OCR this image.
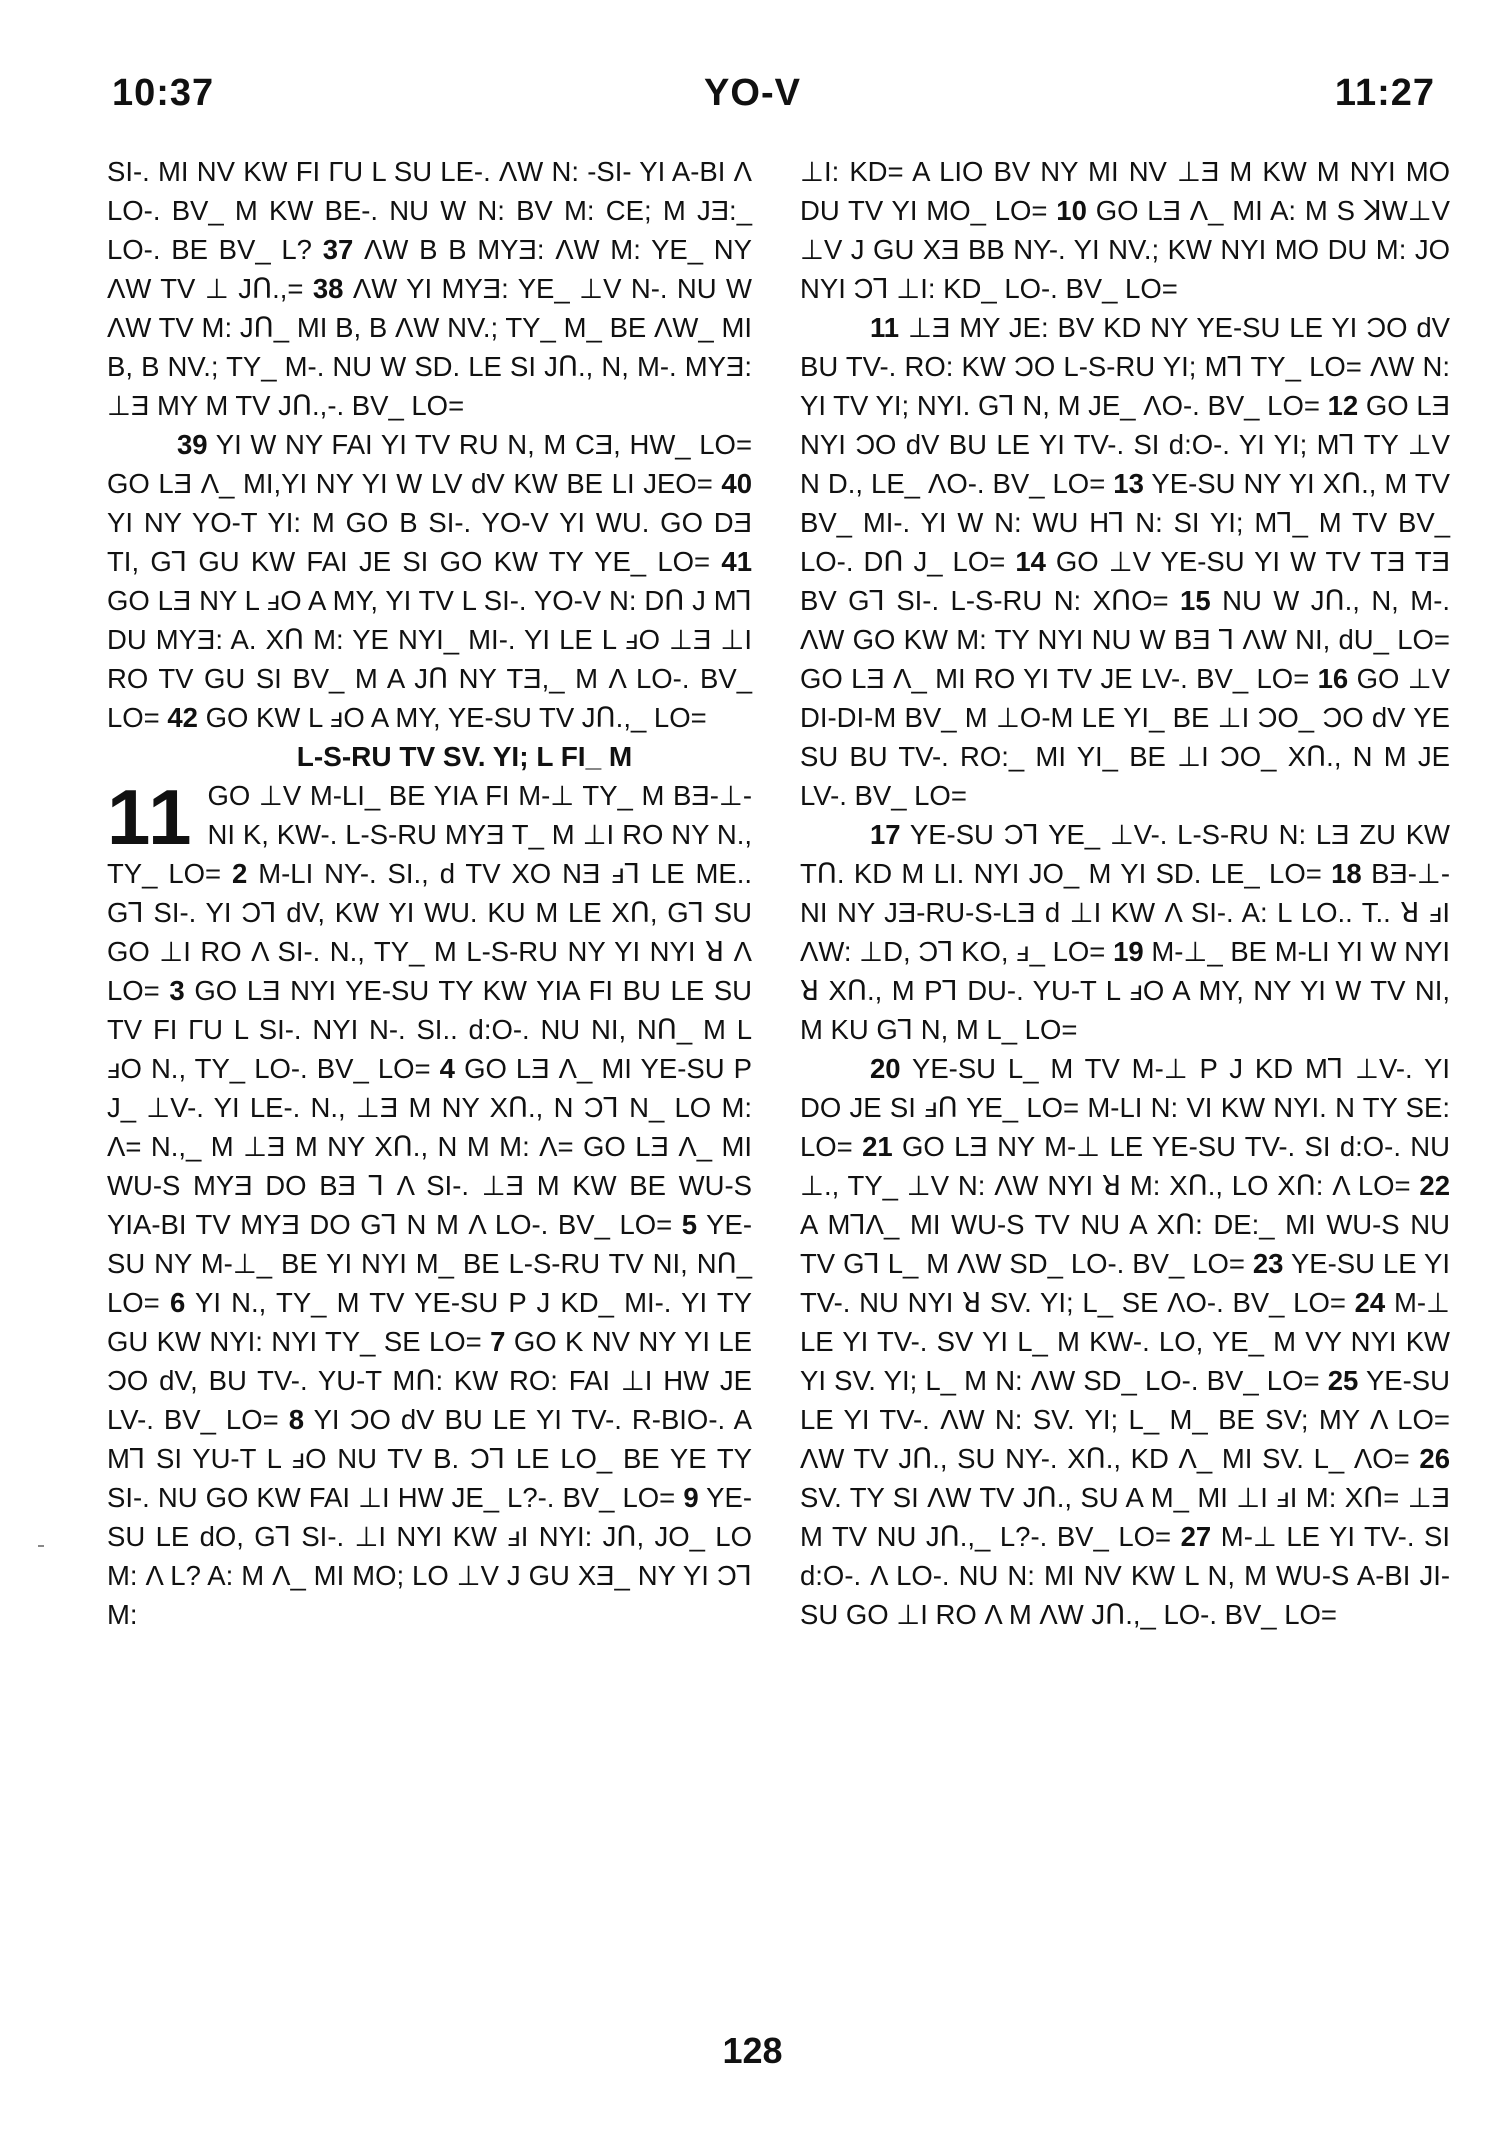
10:37	YO-V	11:27

SI-. MI NV KW FI ГU L SU LE-. ΛW N: -SI- YI A-BI Λ LO-. BV_ M KW BE-. NU W N: BV M: CE; M JƎ:_ LO-. BE BV_ L? 37 ΛW B B MYƎ: ΛW M: YE_ NY ΛW TV ⊥ JՈ.,= 38 ΛW YI MYƎ: YE_ ⊥V N-. NU W ΛW TV M: JՈ_ MI B, B ΛW NV.; TY_ M_ BE ΛW_ MI B, B NV.; TY_ M-. NU W SD. LE SI JՈ., N, M-. MYƎ: ⊥Ǝ MY M TV JՈ.,-. BV_ LO=

39 YI W NY FAI YI TV RU N, M CƎ, HW_ LO= GO LƎ Λ_ MI,YI NY YI W LV dV KW BE LI JEO= 40 YI NY YO-T YI: M GO B SI-. YO-V YI WU. GO DƎ TI, G⅂ GU KW FAI JE SI GO KW TY YE_ LO= 41 GO LƎ NY L ⅎO A MY, YI TV L SI-. YO-V N: DՈ J M⅂ DU MYƎ: A. XՈ M: YE NYI_ MI-. YI LE L ⅎO ⊥Ǝ ⊥I RO TV GU SI BV_ M A JՈ NY TƎ,_ M Λ LO-. BV_ LO= 42 GO KW L ⅎO A MY, YE-SU TV JՈ.,_ LO=

L-S-RU TV SV. YI; L FI_ M

11 GO ⊥V M-LI_ BE YIA FI M-⊥ TY_ M BƎ-⊥-NI K, KW-. L-S-RU MYƎ T_ M ⊥I RO NY N., TY_ LO= 2 M-LI NY-. SI., d TV XO NƎ ⅎ⅂ LE ME.. G⅂ SI-. YI Ɔ⅂ dV, KW YI WU. KU M LE XՈ, G⅂ SU GO ⊥I RO Λ SI-. N., TY_ M L-S-RU NY YI NYI ꓤ Λ LO= 3 GO LƎ NYI YE-SU TY KW YIA FI BU LE SU TV FI ГU L SI-. NYI N-. SI.. d:O-. NU NI, NՈ_ M L ⅎO N., TY_ LO-. BV_ LO= 4 GO LƎ Λ_ MI YE-SU P J_ ⊥V-. YI LE-. N., ⊥Ǝ M NY XՈ., N Ɔ⅂ N_ LO M: Λ= N.,_ M ⊥Ǝ M NY XՈ., N M M: Λ= GO LƎ Λ_ MI WU-S MYƎ DO BƎ ⅂ Λ SI-. ⊥Ǝ M KW BE WU-S YIA-BI TV MYƎ DO G⅂ N M Λ LO-. BV_ LO= 5 YE-SU NY M-⊥_ BE YI NYI M_ BE L-S-RU TV NI, NՈ_ LO= 6 YI N., TY_ M TV YE-SU P J KD_ MI-. YI TY GU KW NYI: NYI TY_ SE LO= 7 GO K NV NY YI LE ƆO dV, BU TV-. YU-T MՈ: KW RO: FAI ⊥I HW JE LV-. BV_ LO= 8 YI ƆO dV BU LE YI TV-. R-BIO-. A M⅂ SI YU-T L ⅎO NU TV B. Ɔ⅂ LE LO_ BE YE TY SI-. NU GO KW FAI ⊥I HW JE_ L?-. BV_ LO= 9 YE-SU LE dO, G⅂ SI-. ⊥I NYI KW ⅎI NYI: JՈ, JO_ LO M: Λ L? A: M Λ_ MI MO; LO ⊥V J GU XƎ_ NY YI Ɔ⅂ M:

⊥I: KD= A LIO BV NY MI NV ⊥Ǝ M KW M NYI MO DU TV YI MO_ LO= 10 GO LƎ Λ_ MI A: M S ꓘW⊥V ⊥V J GU XƎ BB NY-. YI NV.; KW NYI MO DU M: JO NYI Ɔ⅂ ⊥I: KD_ LO-. BV_ LO=

11 ⊥Ǝ MY JE: BV KD NY YE-SU LE YI ƆO dV BU TV-. RO: KW ƆO L-S-RU YI; M⅂ TY_ LO= ΛW N: YI TV YI; NYI. G⅂ N, M JE_ ΛO-. BV_ LO= 12 GO LƎ NYI ƆO dV BU LE YI TV-. SI d:O-. YI YI; M⅂ TY ⊥V N D., LE_ ΛO-. BV_ LO= 13 YE-SU NY YI XՈ., M TV BV_ MI-. YI W N: WU H⅂ N: SI YI; M⅂_ M TV BV_ LO-. DՈ J_ LO= 14 GO ⊥V YE-SU YI W TV TƎ TƎ BV G⅂ SI-. L-S-RU N: XՈO= 15 NU W JՈ., N, M-. ΛW GO KW M: TY NYI NU W BƎ ⅂ ΛW NI, dU_ LO= GO LƎ Λ_ MI RO YI TV JE LV-. BV_ LO= 16 GO ⊥V DI-DI-M BV_ M ⊥O-M LE YI_ BE ⊥I ƆO_ ƆO dV YE SU BU TV-. RO:_ MI YI_ BE ⊥I ƆO_ XՈ., N M JE LV-. BV_ LO=

17 YE-SU Ɔ⅂ YE_ ⊥V-. L-S-RU N: LƎ ZU KW TՈ. KD M LI. NYI JO_ M YI SD. LE_ LO= 18 BƎ-⊥-NI NY JƎ-RU-S-LƎ d ⊥I KW Λ SI-. A: L LO.. T.. ꓤ ⅎI ΛW: ⊥D, Ɔ⅂ KO, ⅎ_ LO= 19 M-⊥_ BE M-LI YI W NYI ꓤ XՈ., M P⅂ DU-. YU-T L ⅎO A MY, NY YI W TV NI, M KU G⅂ N, M L_ LO=

20 YE-SU L_ M TV M-⊥ P J KD M⅂ ⊥V-. YI DO JE SI ⅎՈ YE_ LO= M-LI N: VI KW NYI. N TY SE: LO= 21 GO LƎ NY M-⊥ LE YE-SU TV-. SI d:O-. NU ⊥., TY_ ⊥V N: ΛW NYI ꓤ M: XՈ., LO XՈ: Λ LO= 22 A M⅂Λ_ MI WU-S TV NU A XՈ: DE:_ MI WU-S NU TV G⅂ L_ M ΛW SD_ LO-. BV_ LO= 23 YE-SU LE YI TV-. NU NYI ꓤ SV. YI; L_ SE ΛO-. BV_ LO= 24 M-⊥ LE YI TV-. SV YI L_ M KW-. LO, YE_ M VY NYI KW YI SV. YI; L_ M N: ΛW SD_ LO-. BV_ LO= 25 YE-SU LE YI TV-. ΛW N: SV. YI; L_ M_ BE SV; MY Λ LO= ΛW TV JՈ., SU NY-. XՈ., KD Λ_ MI SV. L_ ΛO= 26 SV. TY SI ΛW TV JՈ., SU A M_ MI ⊥I ⅎI M: XՈ= ⊥Ǝ M TV NU JՈ.,_ L?-. BV_ LO= 27 M-⊥ LE YI TV-. SI d:O-. Λ LO-. NU N: MI NV KW L N, M WU-S A-BI JI-SU GO ⊥I RO Λ M ΛW JՈ.,_ LO-. BV_ LO=

128
